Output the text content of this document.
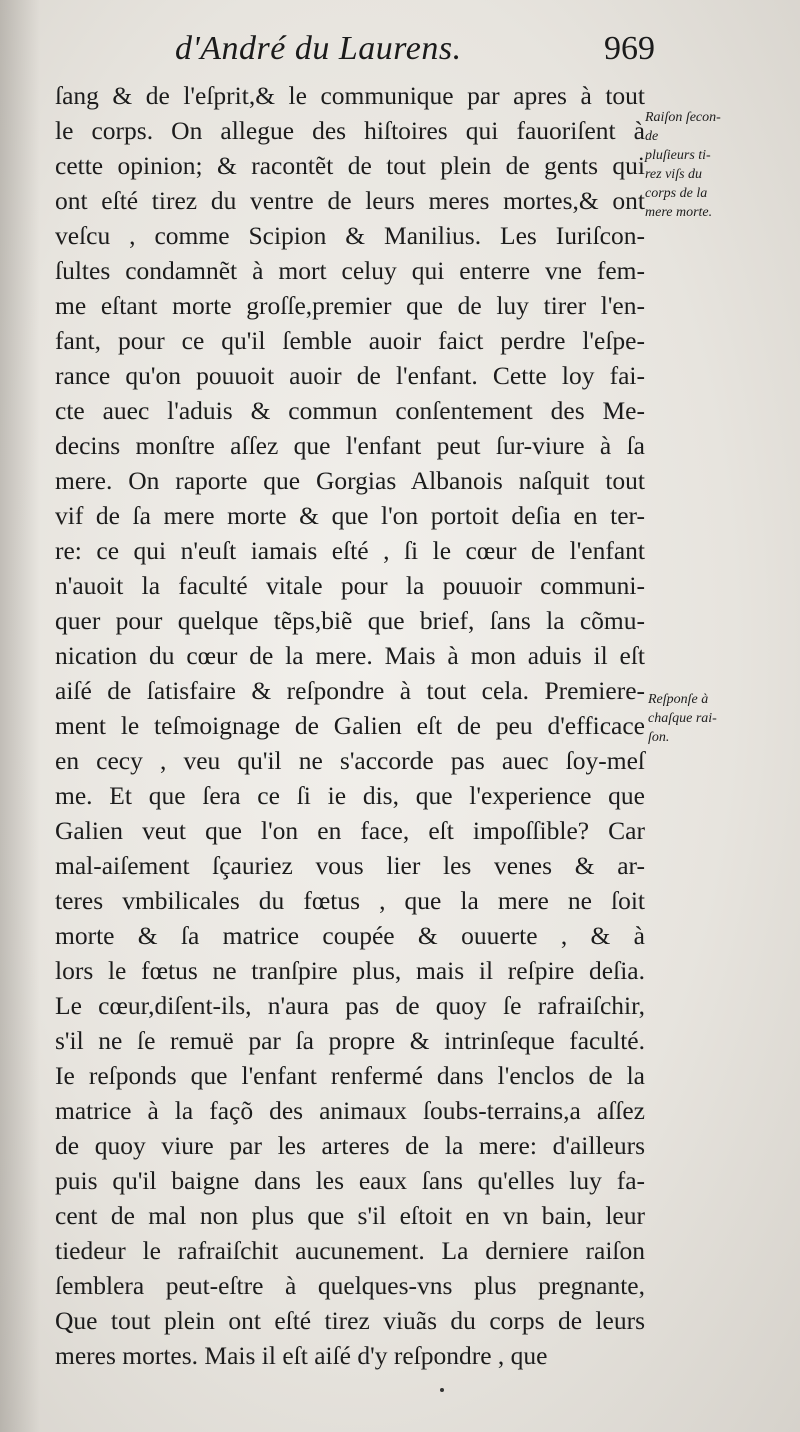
d'André du Laurens.	969
ſang & de l'eſprit,& le communique par apres à tout
le corps. On allegue des hiſtoires qui fauoriſent à
cette opinion; & racontẽt de tout plein de gents qui
ont eſté tirez du ventre de leurs meres mortes,& ont
veſcu , comme Scipion & Manilius. Les Iuriſcon-
ſultes condamnẽt à mort celuy qui enterre vne fem-
me eſtant morte groſſe,premier que de luy tirer l'en-
fant, pour ce qu'il ſemble auoir faict perdre l'eſpe-
rance qu'on pouuoit auoir de l'enfant. Cette loy fai-
cte auec l'aduis & commun conſentement des Me-
decins monſtre aſſez que l'enfant peut ſur-viure à ſa
mere. On raporte que Gorgias Albanois naſquit tout
vif de ſa mere morte & que l'on portoit deſia en ter-
re: ce qui n'euſt iamais eſté , ſi le cœur de l'enfant
n'auoit la faculté vitale pour la pouuoir communi-
quer pour quelque tẽps,biẽ que brief, ſans la cõmu-
nication du cœur de la mere. Mais à mon aduis il eſt
aiſé de ſatisfaire & reſpondre à tout cela. Premiere-
ment le teſmoignage de Galien eſt de peu d'efficace
en cecy , veu qu'il ne s'accorde pas auec ſoy-meſ
me. Et que ſera ce ſi ie dis, que l'experience que
Galien veut que l'on en face, eſt impoſſible? Car
mal-aiſement ſçauriez vous lier les venes & ar-
teres vmbilicales du fœtus , que la mere ne ſoit
morte & ſa matrice coupée & ouuerte , & à
lors le fœtus ne tranſpire plus, mais il reſpire deſia.
Le cœur,diſent-ils, n'aura pas de quoy ſe rafraiſchir,
s'il ne ſe remuë par ſa propre & intrinſeque faculté.
Ie reſponds que l'enfant renfermé dans l'enclos de la
matrice à la façõ des animaux ſoubs-terrains,a aſſez
de quoy viure par les arteres de la mere: d'ailleurs
puis qu'il baigne dans les eaux ſans qu'elles luy fa-
cent de mal non plus que s'il eſtoit en vn bain, leur
tiedeur le rafraiſchit aucunement. La derniere raiſon
ſemblera peut-eſtre à quelques-vns plus pregnante,
Que tout plein ont eſté tirez viuãs du corps de leurs
meres mortes. Mais il eſt aiſé d'y reſpondre , que
Raiſon ſecon-
de
pluſieurs ti-
rez viſs du
corps de la
mere morte.
Reſponſe à
chaſque rai-
ſon.
